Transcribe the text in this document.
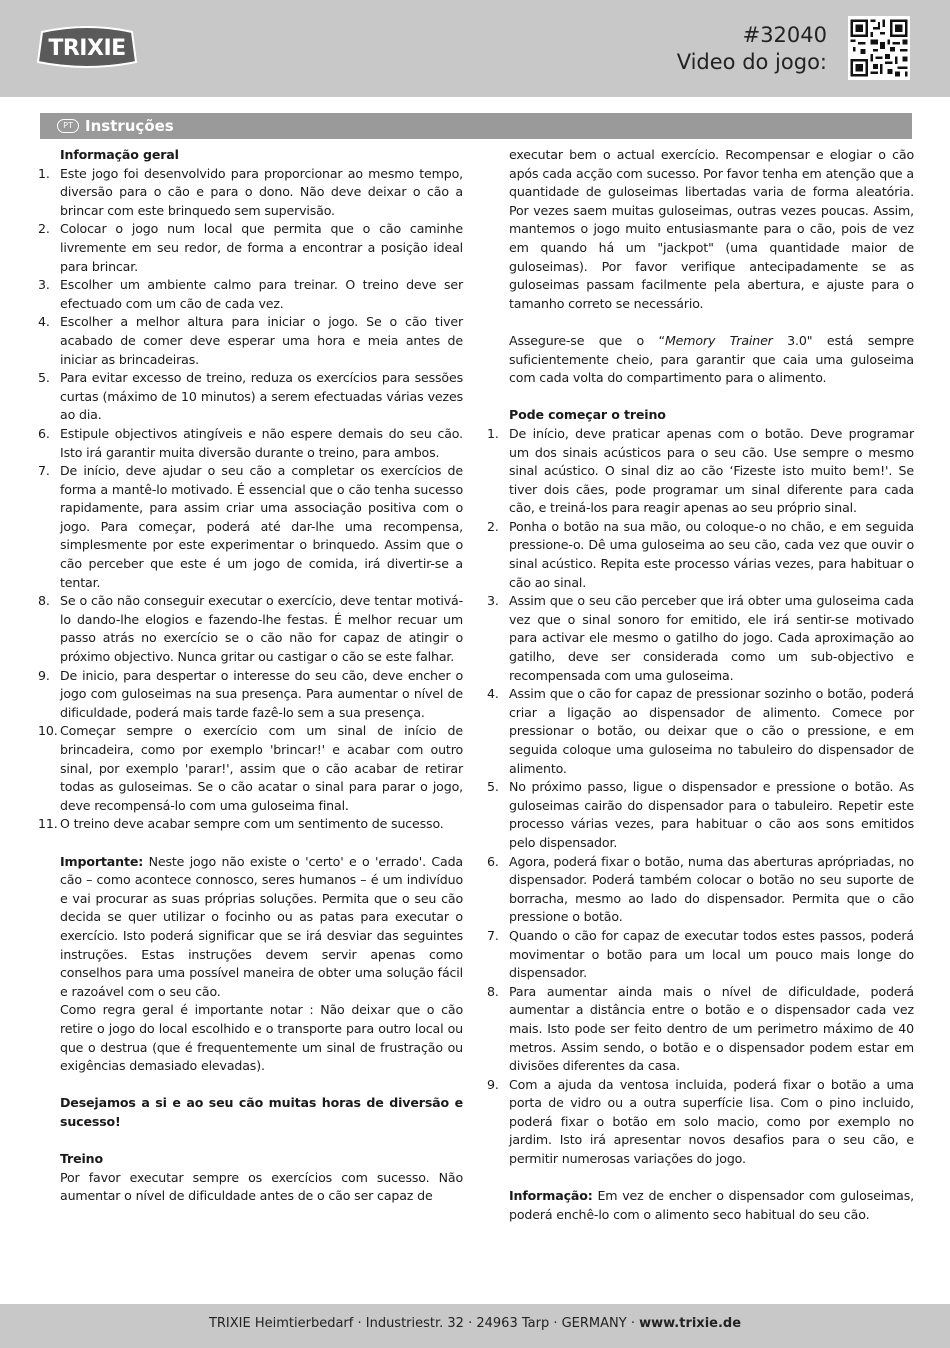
TRIXIE
#32040
Video do jogo:
PT Instruções

Informação geral

1. Este jogo foi desenvolvido para proporcionar ao mesmo tempo, diversão para o cão e para o dono. Não deve deixar o cão a brincar com este brinquedo sem supervisão.
2. Colocar o jogo num local que permita que o cão caminhe livremente em seu redor, de forma a encontrar a posição ideal para brincar.
3. Escolher um ambiente calmo para treinar. O treino deve ser efectuado com um cão de cada vez.
4. Escolher a melhor altura para iniciar o jogo. Se o cão tiver acabado de comer deve esperar uma hora e meia antes de iniciar as brincadeiras.
5. Para evitar excesso de treino, reduza os exercícios para sessões curtas (máximo de 10 minutos) a serem efectuadas várias vezes ao dia.
6. Estipule objectivos atingíveis e não espere demais do seu cão. Isto irá garantir muita diversão durante o treino, para ambos.
7. De início, deve ajudar o seu cão a completar os exercícios de forma a mantê-lo motivado. É essencial que o cão tenha sucesso rapidamente, para assim criar uma associação positiva com o jogo. Para começar, poderá até dar-lhe uma recompensa, simplesmente por este experimentar o brinquedo. Assim que o cão perceber que este é um jogo de comida, irá divertir-se a tentar.
8. Se o cão não conseguir executar o exercício, deve tentar motivá-lo dando-lhe elogios e fazendo-lhe festas. É melhor recuar um passo atrás no exercício se o cão não for capaz de atingir o próximo objectivo. Nunca gritar ou castigar o cão se este falhar.
9. De inicio, para despertar o interesse do seu cão, deve encher o jogo com guloseimas na sua presença. Para aumentar o nível de dificuldade, poderá mais tarde fazê-lo sem a sua presença.
10. Começar sempre o exercício com um sinal de início de brincadeira, como por exemplo 'brincar!' e acabar com outro sinal, por exemplo 'parar!', assim que o cão acabar de retirar todas as guloseimas. Se o cão acatar o sinal para parar o jogo, deve recompensá-lo com uma guloseima final.
11. O treino deve acabar sempre com um sentimento de sucesso.

Importante: Neste jogo não existe o 'certo' e o 'errado'. Cada cão – como acontece connosco, seres humanos – é um indivíduo e vai procurar as suas próprias soluções. Permita que o seu cão decida se quer utilizar o focinho ou as patas para executar o exercício. Isto poderá significar que se irá desviar das seguintes instruções. Estas instruções devem servir apenas como conselhos para uma possível maneira de obter uma solução fácil e razoável com o seu cão.

Como regra geral é importante notar : Não deixar que o cão retire o jogo do local escolhido e o transporte para outro local ou que o destrua (que é frequentemente um sinal de frustração ou exigências demasiado elevadas).

Desejamos a si e ao seu cão muitas horas de diversão e sucesso!

Treino

Por favor executar sempre os exercícios com sucesso. Não aumentar o nível de dificuldade antes de o cão ser capaz de

executar bem o actual exercício. Recompensar e elogiar o cão após cada acção com sucesso. Por favor tenha em atenção que a quantidade de guloseimas libertadas varia de forma aleatória. Por vezes saem muitas guloseimas, outras vezes poucas. Assim, mantemos o jogo muito entusiasmante para o cão, pois de vez em quando há um "jackpot" (uma quantidade maior de guloseimas). Por favor verifique antecipadamente se as guloseimas passam facilmente pela abertura, e ajuste para o tamanho correto se necessário.

Assegure-se que o “Memory Trainer 3.0" está sempre suficientemente cheio, para garantir que caia uma guloseima com cada volta do compartimento para o alimento.

Pode começar o treino

1. De início, deve praticar apenas com o botão. Deve programar um dos sinais acústicos para o seu cão. Use sempre o mesmo sinal acústico. O sinal diz ao cão ‘Fizeste isto muito bem!'. Se tiver dois cães, pode programar um sinal diferente para cada cão, e treiná-los para reagir apenas ao seu próprio sinal.
2. Ponha o botão na sua mão, ou coloque-o no chão, e em seguida pressione-o. Dê uma guloseima ao seu cão, cada vez que ouvir o sinal acústico. Repita este processo várias vezes, para habituar o cão ao sinal.
3. Assim que o seu cão perceber que irá obter uma guloseima cada vez que o sinal sonoro for emitido, ele irá sentir-se motivado para activar ele mesmo o gatilho do jogo. Cada aproximação ao gatilho, deve ser considerada como um sub-objectivo e recompensada com uma guloseima.
4. Assim que o cão for capaz de pressionar sozinho o botão, poderá criar a ligação ao dispensador de alimento. Comece por pressionar o botão, ou deixar que o cão o pressione, e em seguida coloque uma guloseima no tabuleiro do dispensador de alimento.
5. No próximo passo, ligue o dispensador e pressione o botão. As guloseimas cairão do dispensador para o tabuleiro. Repetir este processo várias vezes, para habituar o cão aos sons emitidos pelo dispensador.
6. Agora, poderá fixar o botão, numa das aberturas apróprіadas, no dispensador. Poderá também colocar o botão no seu suporte de borracha, mesmo ao lado do dispensador. Permita que o cão pressione o botão.
7. Quando o cão for capaz de executar todos estes passos, poderá movimentar o botão para um local um pouco mais longe do dispensador.
8. Para aumentar ainda mais o nível de dificuldade, poderá aumentar a distância entre o botão e o dispensador cada vez mais. Isto pode ser feito dentro de um perimetro máximo de 40 metros. Assim sendo, o botão e o dispensador podem estar em divisões diferentes da casa.
9. Com a ajuda da ventosa incluida, poderá fixar o botão a uma porta de vidro ou a outra superfície lisa. Com o pino incluido, poderá fixar o botão em solo macio, como por exemplo no jardim. Isto irá apresentar novos desafios para o seu cão, e permitir numerosas variações do jogo.

Informação: Em vez de encher o dispensador com guloseimas, poderá enchê-lo com o alimento seco habitual do seu cão.

TRIXIE Heimtierbedarf · Industriestr. 32 · 24963 Tarp · GERMANY · www.trixie.de
